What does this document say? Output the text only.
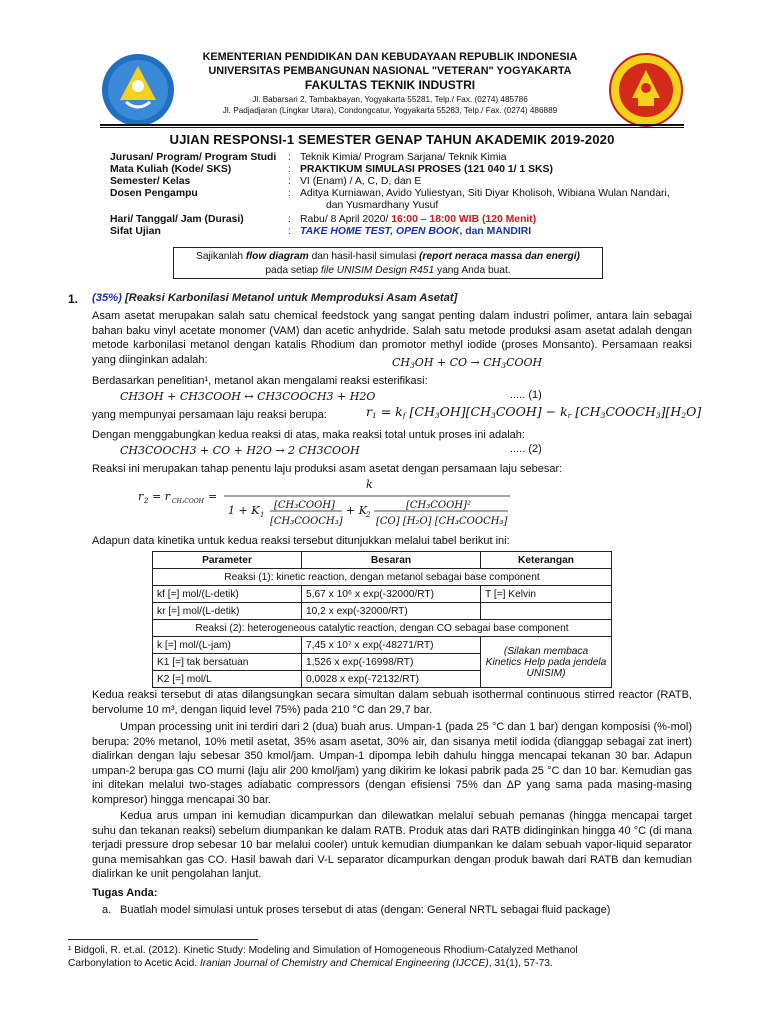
KEMENTERIAN PENDIDIKAN DAN KEBUDAYAAN REPUBLIK INDONESIA
UNIVERSITAS PEMBANGUNAN NASIONAL "VETERAN" YOGYAKARTA
FAKULTAS TEKNIK INDUSTRI
Jl. Babarsari 2, Tambakbayan, Yogyakarta 55281, Telp./ Fax. (0274) 485786
Jl. Padjadjaran (Lingkar Utara), Condongcatur, Yogyakarta 55283, Telp./ Fax. (0274) 486889
UJIAN RESPONSI-1 SEMESTER GENAP TAHUN AKADEMIK 2019-2020
Jurusan/ Program/ Program Studi	: Teknik Kimia/ Program Sarjana/ Teknik Kimia
Mata Kuliah (Kode/ SKS)	: PRAKTIKUM SIMULASI PROSES (121 040 1/ 1 SKS)
Semester/ Kelas	: VI (Enam) / A, C, D, dan E
Dosen Pengampu	: Aditya Kurniawan, Avido Yuliestyan, Siti Diyar Kholisoh, Wibiana Wulan Nandari,
dan Yusmardhany Yusuf
Hari/ Tanggal/ Jam (Durasi)	: Rabu/ 8 April 2020/ 16:00 – 18:00 WIB (120 Menit)
Sifat Ujian	: TAKE HOME TEST, OPEN BOOK, dan MANDIRI
Sajikanlah flow diagram dan hasil-hasil simulasi (report neraca massa dan energi)
pada setiap file UNISIM Design R451 yang Anda buat.
1. (35%) [Reaksi Karbonilasi Metanol untuk Memproduksi Asam Asetat]
Asam asetat merupakan salah satu chemical feedstock yang sangat penting dalam industri polimer, antara lain sebagai bahan baku vinyl acetate monomer (VAM) dan acetic anhydride. Salah satu metode produksi asam asetat adalah dengan metode karbonilasi metanol dengan katalis Rhodium dan promotor methyl iodide (proses Monsanto). Persamaan reaksi yang diinginkan adalah:	$CH_3OH$ + CO → $CH_3COOH$
Berdasarkan penelitian¹, metanol akan mengalami reaksi esterifikasi:
CH3OH + CH3COOH ↔ CH3COOCH3 + H2O	..... (1)
yang mempunyai persamaan laju reaksi berupa:	$r_1 = k_f$ $[CH_3OH][CH_3COOH] - k_r$ $[CH_3COOCH_3][H_2O]$
Dengan menggabungkan kedua reaksi di atas, maka reaksi total untuk proses ini adalah:
CH3COOCH3 + CO + H2O → 2 CH3COOH	..... (2)
Reaksi ini merupakan tahap penentu laju produksi asam asetat dengan persamaan laju sebesar:
r 2 = r CH₃COOH =
k
1 + K 1
[CH₃COOH]
[CH₃COOCH₃]
+ K 2
[CH₃COOH]²
[CO] [H₂O] [CH₃COOCH₃]
Adapun data kinetika untuk kedua reaksi tersebut ditunjukkan melalui tabel berikut ini:
Parameter	Besaran	Keterangan
Reaksi (1): kinetic reaction, dengan metanol sebagai base component		
kf [=] mol/(L-detik)	5,67 x 10⁶ x exp(-32000/RT)	T [=] Kelvin
kr [=] mol/(L-detik)	10,2 x exp(-32000/RT)	
Reaksi (2): heterogeneous catalytic reaction, dengan CO sebagai base component		
k [=] mol/(L-jam)	7,45 x 10⁷ x exp(-48271/RT)	(Silakan membaca Kinetics Help pada jendela UNISIM)
K1 [=] tak bersatuan	1,526 x exp(-16998/RT)	
K2 [=] mol/L	0,0028 x exp(-72132/RT)	
Kedua reaksi tersebut di atas dilangsungkan secara simultan dalam sebuah isothermal continuous stirred reactor (RATB, bervolume 10 m³, dengan liquid level 75%) pada 210 °C dan 29,7 bar.
Umpan processing unit ini terdiri dari 2 (dua) buah arus. Umpan-1 (pada 25 °C dan 1 bar) dengan komposisi (%-mol) berupa: 20% metanol, 10% metil asetat, 35% asam asetat, 30% air, dan sisanya metil iodida (dianggap sebagai zat inert) dialirkan dengan laju sebesar 350 kmol/jam. Umpan-1 dipompa lebih dahulu hingga mencapai tekanan 30 bar. Adapun umpan-2 berupa gas CO murni (laju alir 200 kmol/jam) yang dikirim ke lokasi pabrik pada 25 °C dan 10 bar. Kemudian gas ini ditekan melalui two-stages adiabatic compressors (dengan efisiensi 75% dan ΔP yang sama pada masing-masing kompresor) hingga mencapai 30 bar.
Kedua arus umpan ini kemudian dicampurkan dan dilewatkan melalui sebuah pemanas (hingga mencapai target suhu dan tekanan reaksi) sebelum diumpankan ke dalam RATB. Produk atas dari RATB didinginkan hingga 40 °C (di mana terjadi pressure drop sebesar 10 bar melalui cooler) untuk kemudian diumpankan ke dalam sebuah vapor-liquid separator guna memisahkan gas CO. Hasil bawah dari V-L separator dicampurkan dengan produk bawah dari RATB dan kemudian dialirkan ke unit pengolahan lanjut.
Tugas Anda:
a. Buatlah model simulasi untuk proses tersebut di atas (dengan: General NRTL sebagai fluid package)
¹ Bidgoli, R. et.al. (2012). Kinetic Study: Modeling and Simulation of Homogeneous Rhodium-Catalyzed Methanol
Carbonylation to Acetic Acid. Iranian Journal of Chemistry and Chemical Engineering (IJCCE), 31(1), 57-73.
